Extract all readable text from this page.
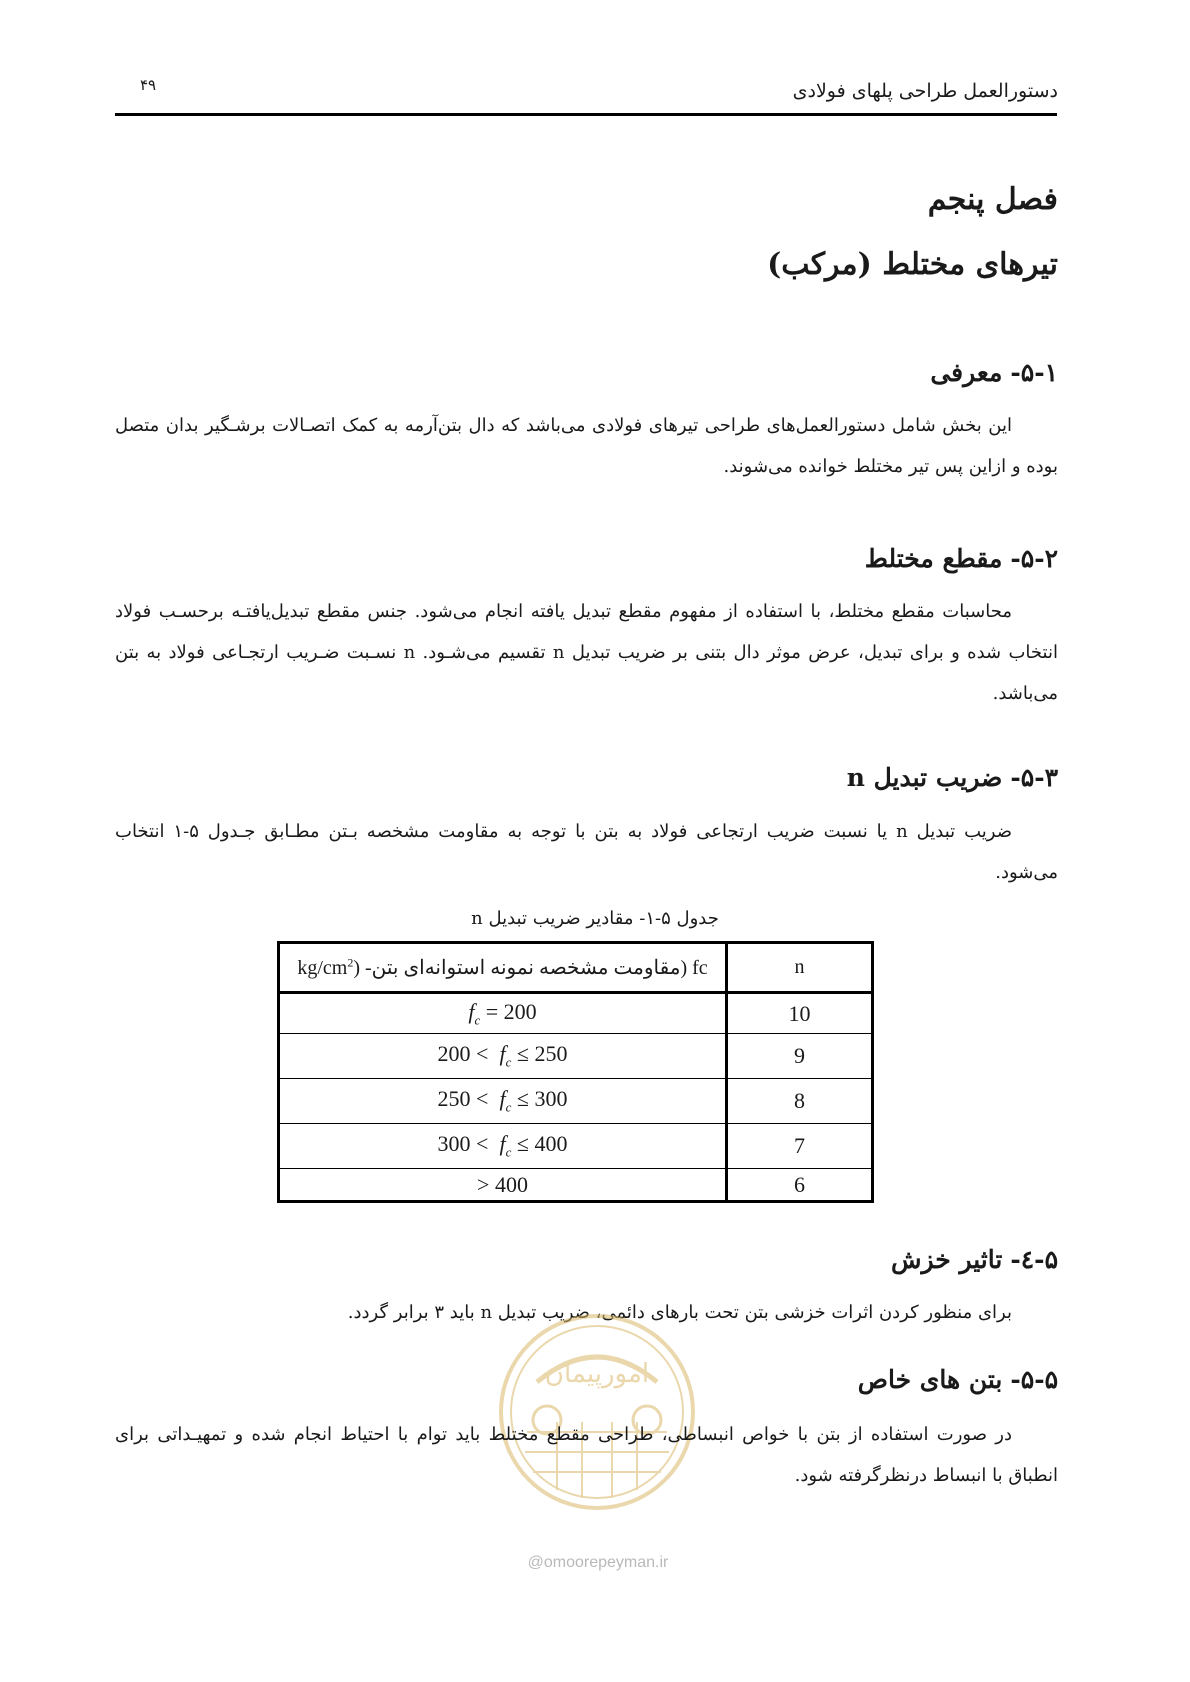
۴۹	دستورالعمل طراحی پلهای فولادی
فصل پنجم
تیرهای مختلط (مرکب)
۵-۱-معرفی
این بخش شامل دستورالعمل‌های طراحی تیرهای فولادی می‌باشد که دال بتن‌آرمه به کمک اتصـالات برشـگیر بدان متصل بوده و ازاین پس تیر مختلط خوانده می‌شوند.
۵-۲-مقطع مختلط
محاسبات مقطع مختلط، با استفاده از مفهوم مقطع تبدیل یافته انجام می‌شود. جنس مقطع تبدیل‌یافتـه برحسـب فولاد انتخاب شده و برای تبدیل، عرض موثر دال بتنی بر ضریب تبدیل n تقسیم می‌شـود. n نسـبت ضـریب ارتجـاعی فولاد به بتن می‌باشد.
۵-۳-ضریب تبدیل n
ضریب تبدیل n یا نسبت ضریب ارتجاعی فولاد به بتن با توجه به مقاومت مشخصه بـتن مطـابق جـدول ۵-۱ انتخاب می‌شود.
جدول ۵-۱- مقادیر ضریب تبدیل n
n	fc (مقاومت مشخصه نمونه استوانه‌ای بتن- $kg/cm^2$)
10	$f_c = 200$
9	$200 < f_c \le 250$
8	$250 < f_c \le 300$
7	$300 < f_c \le 400$
6	> 400
۵-٤-تاثیر خزش
برای منظور کردن اثرات خزشی بتن تحت بارهای دائمی، ضریب تبدیل n باید ۳ برابر گردد.
امورپیمان	۵-۵-بتن های خاص
در صورت استفاده از بتن با خواص انبساطی، طراحی مقطع مختلط باید توام با احتیاط انجام شده و تمهیـداتی برای انطباق با انبساط درنظرگرفته شود.
@omoorepeyman.ir
